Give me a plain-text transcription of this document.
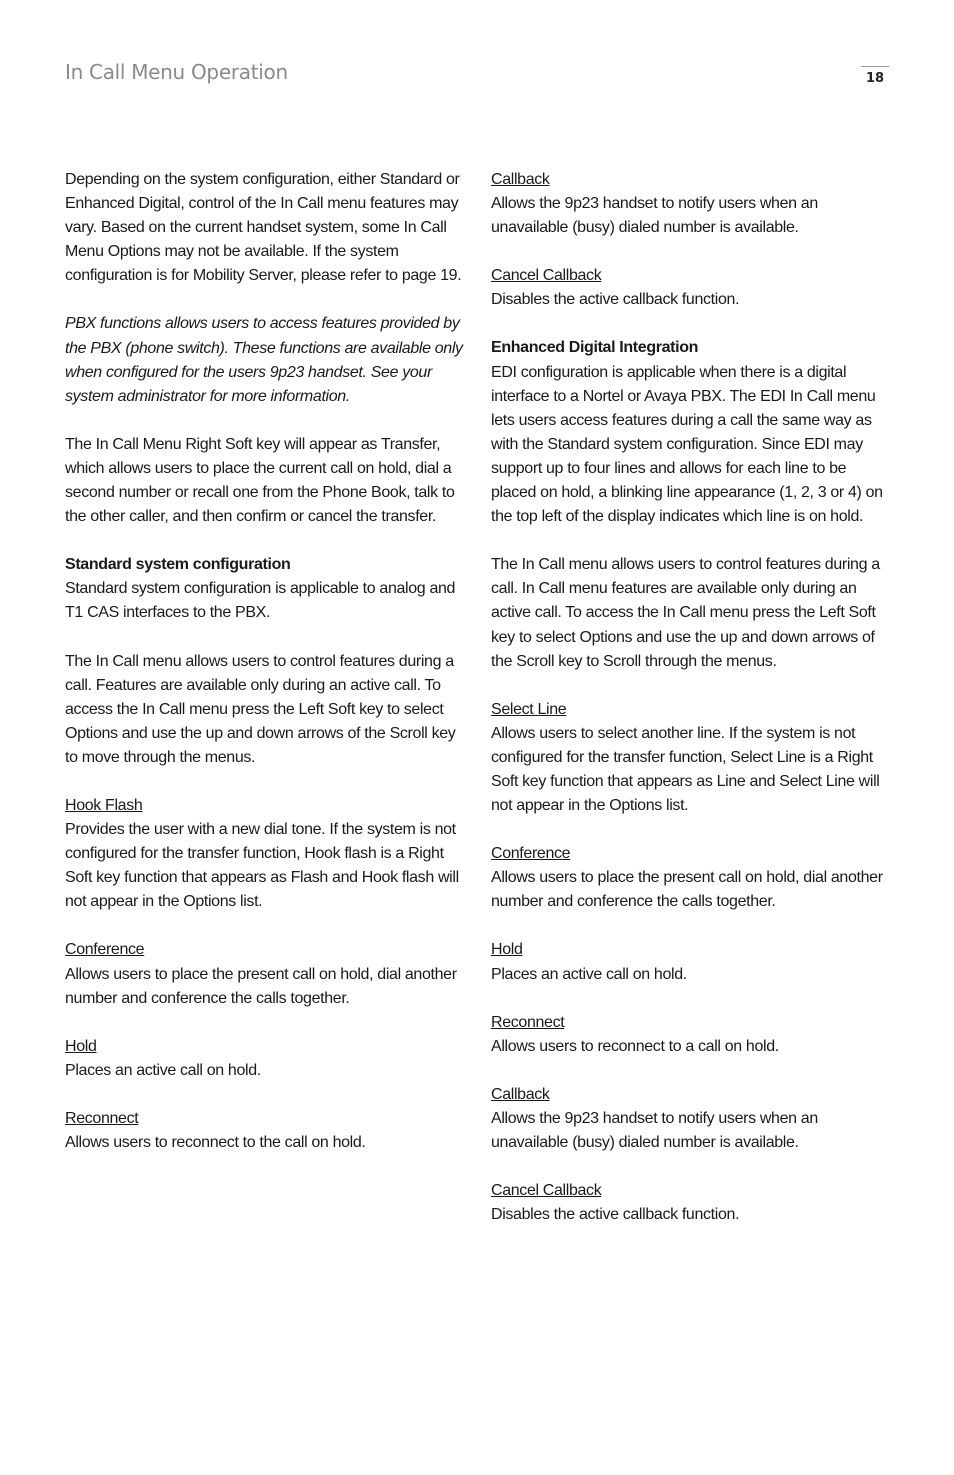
In Call Menu Operation	18

Depending on the system configuration, either Standard or Enhanced Digital, control of the In Call menu features may vary. Based on the current handset system, some In Call Menu Options may not be available. If the system configuration is for Mobility Server, please refer to page 19.

PBX functions allows users to access features provided by the PBX (phone switch). These functions are available only when configured for the users 9p23 handset. See your system administrator for more information.

The In Call Menu Right Soft key will appear as Transfer, which allows users to place the current call on hold, dial a second number or recall one from the Phone Book, talk to the other caller, and then confirm or cancel the transfer.

Standard system configuration

Standard system configuration is applicable to analog and T1 CAS interfaces to the PBX.

The In Call menu allows users to control features during a call. Features are available only during an active call. To access the In Call menu press the Left Soft key to select Options and use the up and down arrows of the Scroll key to move through the menus.

Hook Flash

Provides the user with a new dial tone. If the system is not configured for the transfer function, Hook flash is a Right Soft key function that appears as Flash and Hook flash will not appear in the Options list.

Conference

Allows users to place the present call on hold, dial another number and conference the calls together.

Hold

Places an active call on hold.

Reconnect

Allows users to reconnect to the call on hold.

Callback

Allows the 9p23 handset to notify users when an unavailable (busy) dialed number is available.

Cancel Callback

Disables the active callback function.

Enhanced Digital Integration

EDI configuration is applicable when there is a digital interface to a Nortel or Avaya PBX. The EDI In Call menu lets users access features during a call the same way as with the Standard system configuration. Since EDI may support up to four lines and allows for each line to be placed on hold, a blinking line appearance (1, 2, 3 or 4) on the top left of the display indicates which line is on hold.

The In Call menu allows users to control features during a call. In Call menu features are available only during an active call. To access the In Call menu press the Left Soft key to select Options and use the up and down arrows of the Scroll key to Scroll through the menus.

Select Line

Allows users to select another line. If the system is not configured for the transfer function, Select Line is a Right Soft key function that appears as Line and Select Line will not appear in the Options list.

Conference

Allows users to place the present call on hold, dial another number and conference the calls together.

Hold

Places an active call on hold.

Reconnect

Allows users to reconnect to a call on hold.

Callback

Allows the 9p23 handset to notify users when an unavailable (busy) dialed number is available.

Cancel Callback

Disables the active callback function.
